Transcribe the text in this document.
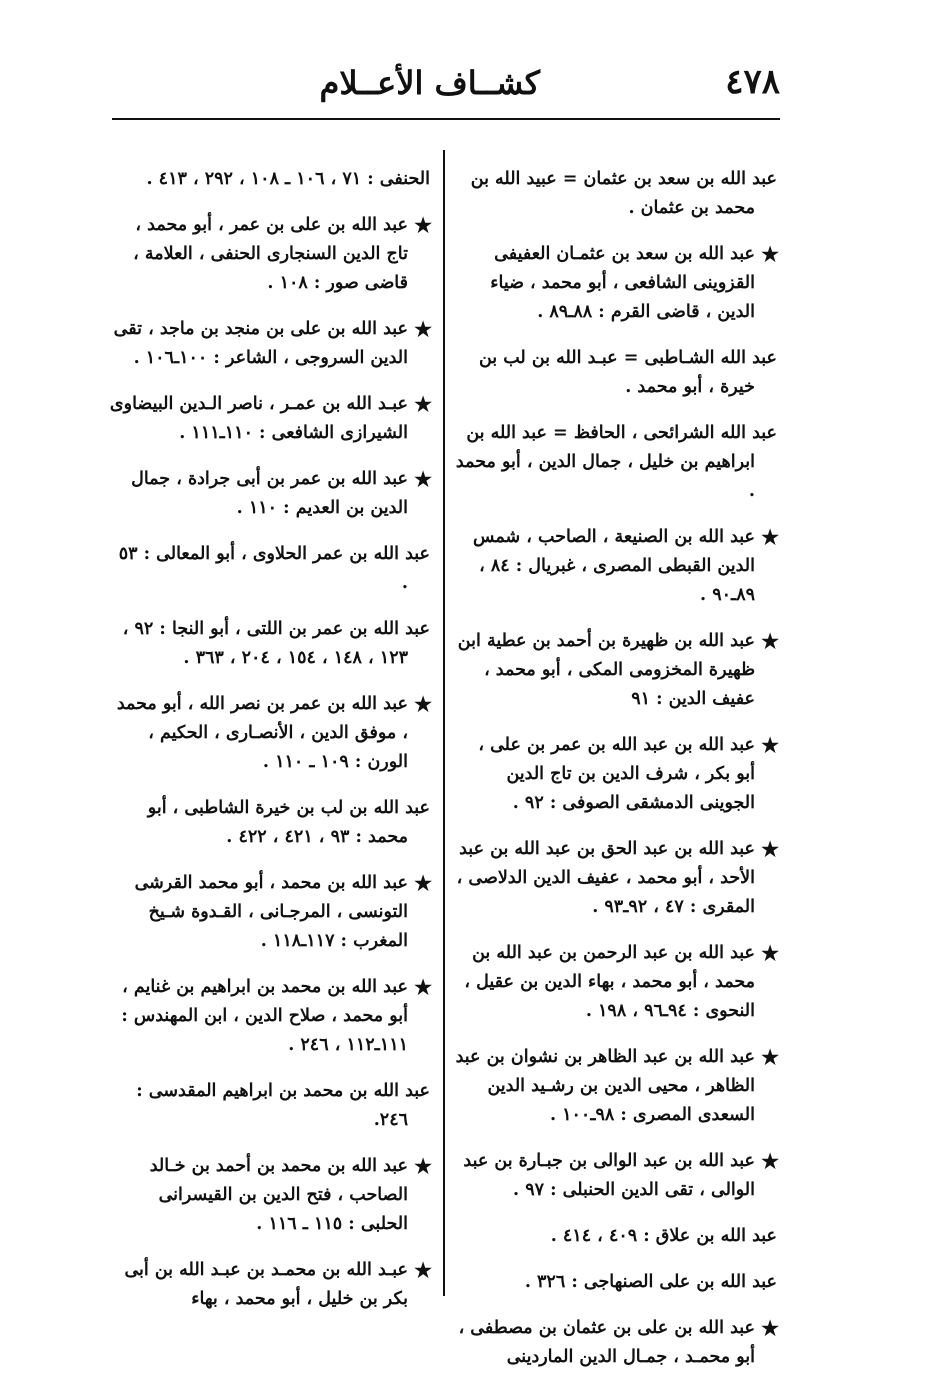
٤٧٨
كشــاف الأعــلام
عبد الله بن سعد بن عثمان = عبيد الله بن محمد بن عثمان .
★
عبد الله بن سعد بن عثمـان العفيفى القزوينى الشافعى ، أبو محمد ، ضياء الدين ، قاضى القرم : ٨٨ـ٨٩ .
عبد الله الشـاطبى = عبـد الله بن لب بن خيرة ، أبو محمد .
عبد الله الشرائحى ، الحافظ = عبد الله بن ابراهيم بن خليل ، جمال الدين ، أبو محمد .
★
عبد الله بن الصنيعة ، الصاحب ، شمس الدين القبطى المصرى ، غبريال : ٨٤ ، ٨٩ـ٩٠ .
★
عبد الله بن ظهيرة بن أحمد بن عطية ابن ظهيرة المخزومى المكى ، أبو محمد ، عفيف الدين : ٩١
★
عبد الله بن عبد الله بن عمر بن على ، أبو بكر ، شرف الدين بن تاج الدين الجوينى الدمشقى الصوفى : ٩٢ .
★
عبد الله بن عبد الحق بن عبد الله بن عبد الأحد ، أبو محمد ، عفيف الدين الدلاصى ، المقرى : ٤٧ ، ٩٢ـ٩٣ .
★
عبد الله بن عبد الرحمن بن عبد الله بن محمد ، أبو محمد ، بهاء الدين بن عقيل ، النحوى : ٩٤ـ٩٦ ، ١٩٨ .
★
عبد الله بن عبد الظاهر بن نشوان بن عبد الظاهر ، محيى الدين بن رشـيد الدين السعدى المصرى : ٩٨ـ١٠٠ .
★
عبد الله بن عبد الوالى بن جبـارة بن عبد الوالى ، تقى الدين الحنبلى : ٩٧ .
عبد الله بن علاق : ٤٠٩ ، ٤١٤ .
عبد الله بن على الصنهاجى : ٣٢٦ .
★
عبد الله بن على بن عثمان بن مصطفى ، أبو محمـد ، جمـال الدين الماردينى
الحنفى : ٧١ ، ١٠٦ ـ ١٠٨ ، ٢٩٢ ، ٤١٣ .
★
عبد الله بن على بن عمر ، أبو محمد ، تاج الدين السنجارى الحنفى ، العلامة ، قاضى صور : ١٠٨ .
★
عبد الله بن على بن منجد بن ماجد ، تقى الدين السروجى ، الشاعر : ١٠٠ـ١٠٦ .
★
عبـد الله بن عمـر ، ناصر الـدين البيضاوى الشيرازى الشافعى : ١١٠ـ١١١ .
★
عبد الله بن عمر بن أبى جرادة ، جمال الدين بن العديم : ١١٠ .
عبد الله بن عمر الحلاوى ، أبو المعالى : ٥٣ .
عبد الله بن عمر بن اللتى ، أبو النجا : ٩٢ ، ١٢٣ ، ١٤٨ ، ١٥٤ ، ٢٠٤ ، ٣٦٣ .
★
عبد الله بن عمر بن نصر الله ، أبو محمد ، موفق الدين ، الأنصـارى ، الحكيم ، الورن : ١٠٩ ـ ١١٠ .
عبد الله بن لب بن خيرة الشاطبى ، أبو محمد : ٩٣ ، ٤٢١ ، ٤٢٢ .
★
عبد الله بن محمد ، أبو محمد القرشى التونسى ، المرجـانى ، القـدوة شـيخ المغرب : ١١٧ـ١١٨ .
★
عبد الله بن محمد بن ابراهيم بن غنايم ، أبو محمد ، صلاح الدين ، ابن المهندس : ١١١ـ١١٢ ، ٢٤٦ .
عبد الله بن محمد بن ابراهيم المقدسى : ٢٤٦.
★
عبد الله بن محمد بن أحمد بن خـالد الصاحب ، فتح الدين بن القيسرانى الحلبى : ١١٥ ـ ١١٦ .
★
عبـد الله بن محمـد بن عبـد الله بن أبى بكر بن خليل ، أبو محمد ، بهاء
